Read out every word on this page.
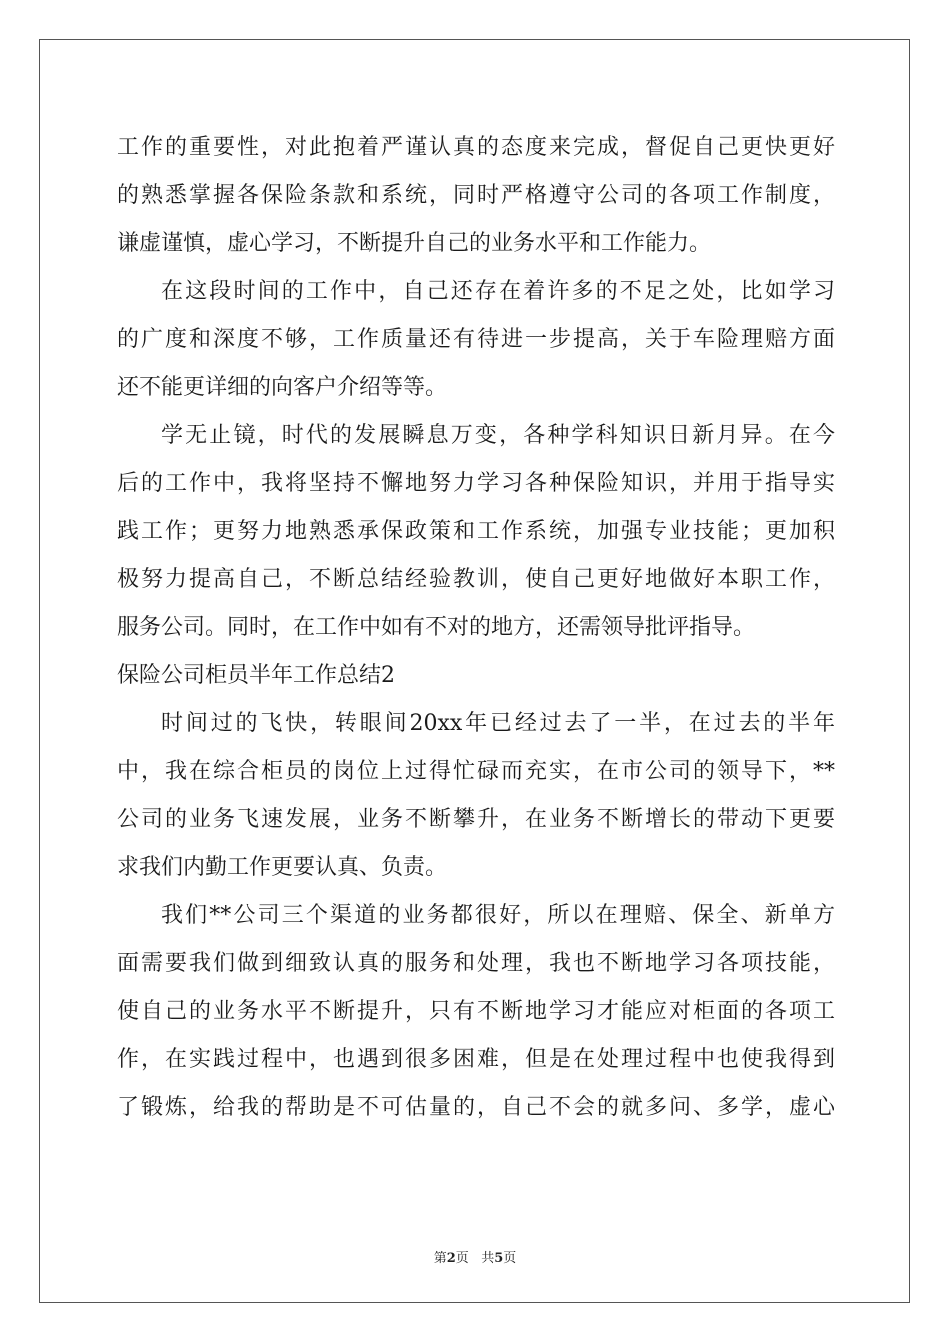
工作的重要性，对此抱着严谨认真的态度来完成，督促自己更快更好
的熟悉掌握各保险条款和系统，同时严格遵守公司的各项工作制度，
谦虚谨慎，虚心学习，不断提升自己的业务水平和工作能力。
在这段时间的工作中，自己还存在着许多的不足之处，比如学习
的广度和深度不够，工作质量还有待进一步提高，关于车险理赔方面
还不能更详细的向客户介绍等等。
学无止镜，时代的发展瞬息万变，各种学科知识日新月异。在今
后的工作中，我将坚持不懈地努力学习各种保险知识，并用于指导实
践工作；更努力地熟悉承保政策和工作系统，加强专业技能；更加积
极努力提高自己，不断总结经验教训，使自己更好地做好本职工作，
服务公司。同时，在工作中如有不对的地方，还需领导批评指导。
保险公司柜员半年工作总结2
时间过的飞快，转眼间20xx年已经过去了一半，在过去的半年
中，我在综合柜员的岗位上过得忙碌而充实，在市公司的领导下，**
公司的业务飞速发展，业务不断攀升，在业务不断增长的带动下更要
求我们内勤工作更要认真、负责。
我们**公司三个渠道的业务都很好，所以在理赔、保全、新单方
面需要我们做到细致认真的服务和处理，我也不断地学习各项技能，
使自己的业务水平不断提升，只有不断地学习才能应对柜面的各项工
作，在实践过程中，也遇到很多困难，但是在处理过程中也使我得到
了锻炼，给我的帮助是不可估量的，自己不会的就多问、多学，虚心
第2页 共5页
